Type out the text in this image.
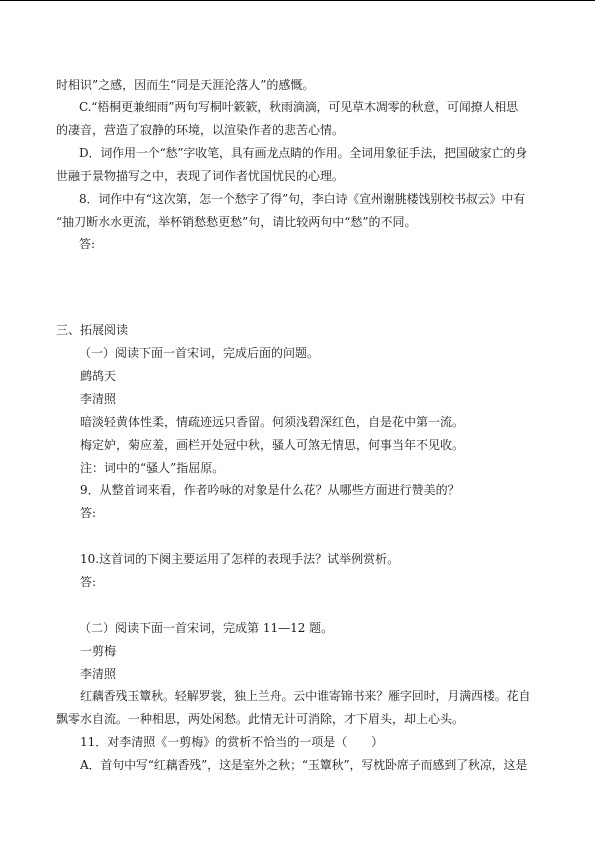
时相识”之感，因而生“同是天涯沦落人”的感慨。
C.“梧桐更兼细雨”两句写桐叶簌簌，秋雨滴滴，可见草木凋零的秋意，可闻撩人相思
的凄音，营造了寂静的环境，以渲染作者的悲苦心情。
D．词作用一个“愁”字收笔，具有画龙点睛的作用。全词用象征手法，把国破家亡的身
世融于景物描写之中，表现了词作者忧国忧民的心理。
8．词作中有“这次第，怎一个愁字了得”句，李白诗《宣州谢朓楼饯别校书叔云》中有
“抽刀断水水更流，举杯销愁愁更愁”句，请比较两句中“愁”的不同。
答:
三、拓展阅读
（一）阅读下面一首宋词，完成后面的问题。
鹧鸪天
李清照
暗淡轻黄体性柔，情疏迹远只香留。何须浅碧深红色，自是花中第一流。
梅定妒，菊应羞，画栏开处冠中秋，骚人可煞无情思，何事当年不见收。
注：词中的“骚人”指屈原。
9．从整首词来看，作者吟咏的对象是什么花？从哪些方面进行赞美的？
答:
10.这首词的下阕主要运用了怎样的表现手法？试举例赏析。
答:
（二）阅读下面一首宋词，完成第 11—12 题。
一剪梅
李清照
红藕香残玉簟秋。轻解罗裳，独上兰舟。云中谁寄锦书来？雁字回时，月满西楼。花自
飘零水自流。一种相思，两处闲愁。此情无计可消除，才下眉头，却上心头。
11．对李清照《一剪梅》的赏析不恰当的一项是（　　）
A．首句中写“红藕香残”，这是室外之秋；“玉簟秋”，写枕卧席子而感到了秋凉，这是
